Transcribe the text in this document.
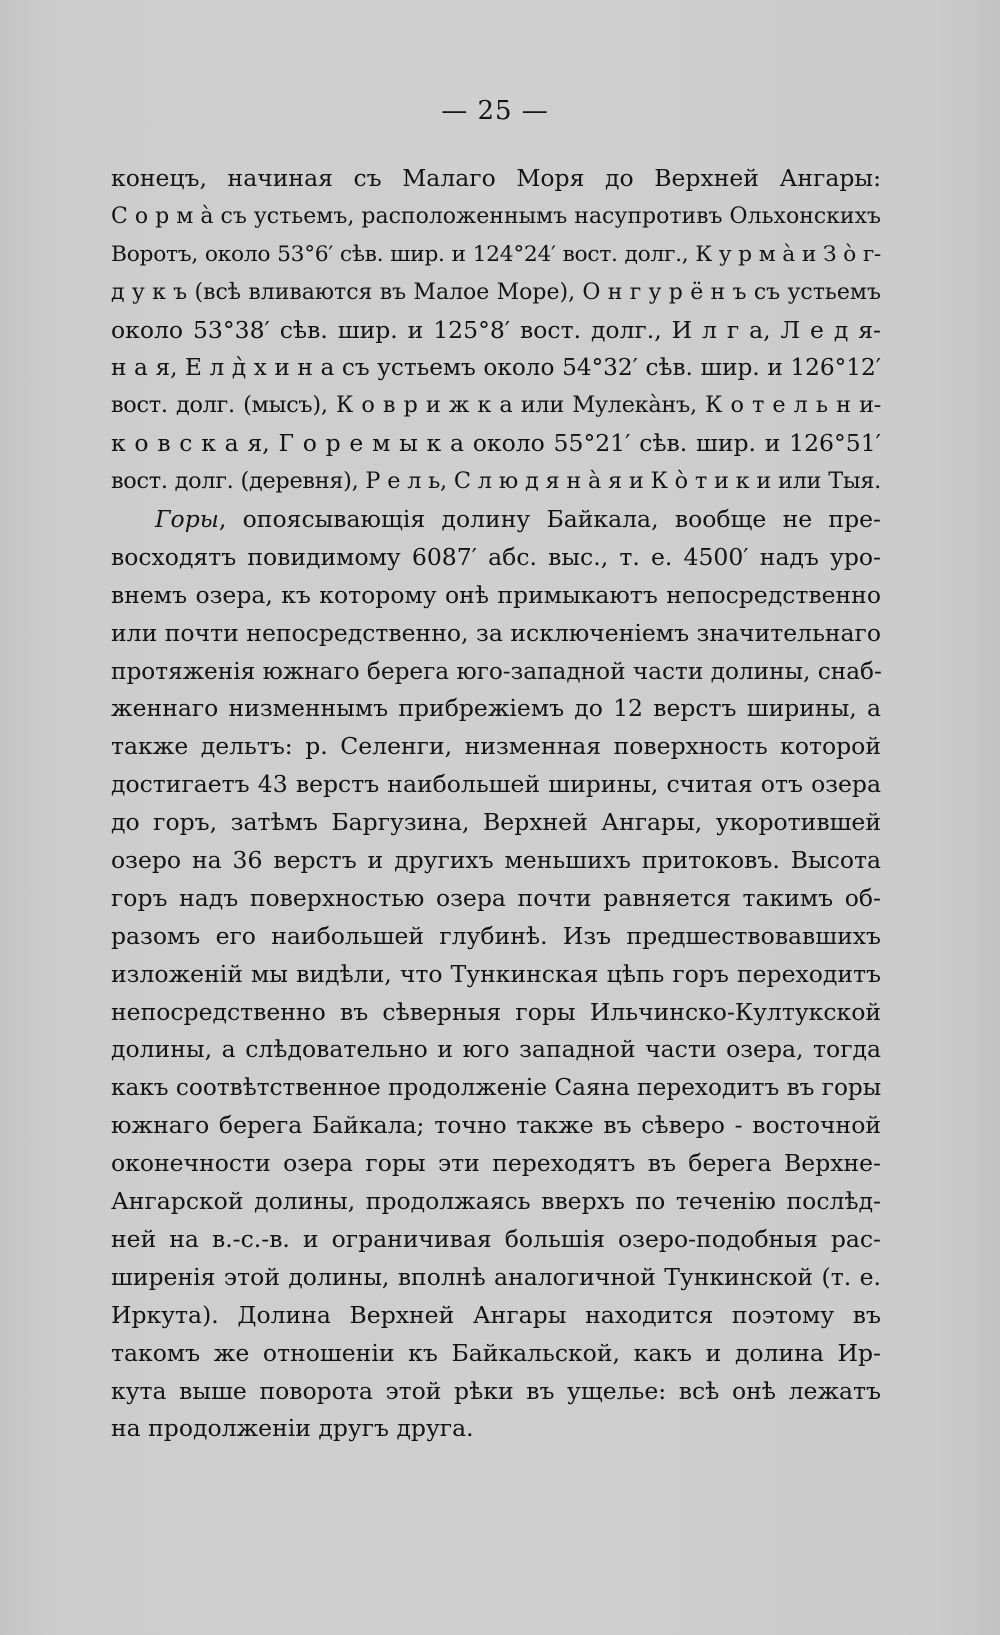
— 25 —
конецъ, начиная съ Малаго Моря до Верхней Ангары:
С о р м а̀ съ устьемъ, расположеннымъ насупротивъ Ольхонскихъ
Воротъ, около 53°6′ сѣв. шир. и 124°24′ вост. долг., К у р м а̀ и З о̀ г-
д у к ъ (всѣ вливаются въ Малое Море), О н г у р ё н ъ съ устьемъ
около 53°38′ сѣв. шир. и 125°8′ вост. долг., И л г а, Л е д я-
н а я, Е л д̀ х и н а съ устьемъ около 54°32′ сѣв. шир. и 126°12′
вост. долг. (мысъ), К о в р и ж к а или Мулека̀нъ, К о т е л ь н и-
к о в с к а я, Г о р е м ы к а около 55°21′ сѣв. шир. и 126°51′
вост. долг. (деревня), Р е л ь, С л ю д я н а̀ я и К о̀ т и к и или Тыя.
Горы, опоясывающія долину Байкала, вообще не пре-
восходятъ повидимому 6087′ абс. выс., т. е. 4500′ надъ уро-
внемъ озера, къ которому онѣ примыкаютъ непосредственно
или почти непосредственно, за исключеніемъ значительнаго
протяженія южнаго берега юго-западной части долины, снаб-
женнаго низменнымъ прибрежіемъ до 12 верстъ ширины, а
также дельтъ: р. Селенги, низменная поверхность которой
достигаетъ 43 верстъ наибольшей ширины, считая отъ озера
до горъ, затѣмъ Баргузина, Верхней Ангары, укоротившей
озеро на 36 верстъ и другихъ меньшихъ притоковъ. Высота
горъ надъ поверхностью озера почти равняется такимъ об-
разомъ его наибольшей глубинѣ. Изъ предшествовавшихъ
изложеній мы видѣли, что Тункинская цѣпь горъ переходитъ
непосредственно въ сѣверныя горы Ильчинско-Култукской
долины, а слѣдовательно и юго западной части озера, тогда
какъ соотвѣтственное продолженіе Саяна переходитъ въ горы
южнаго берега Байкала; точно также въ сѣверо - восточной
оконечности озера горы эти переходятъ въ берега Верхне-
Ангарской долины, продолжаясь вверхъ по теченію послѣд-
ней на в.-с.-в. и ограничивая большія озеро-подобныя рас-
ширенія этой долины, вполнѣ аналогичной Тункинской (т. е.
Иркута). Долина Верхней Ангары находится поэтому въ
такомъ же отношеніи къ Байкальской, какъ и долина Ир-
кута выше поворота этой рѣки въ ущелье: всѣ онѣ лежатъ
на продолженіи другъ друга.
